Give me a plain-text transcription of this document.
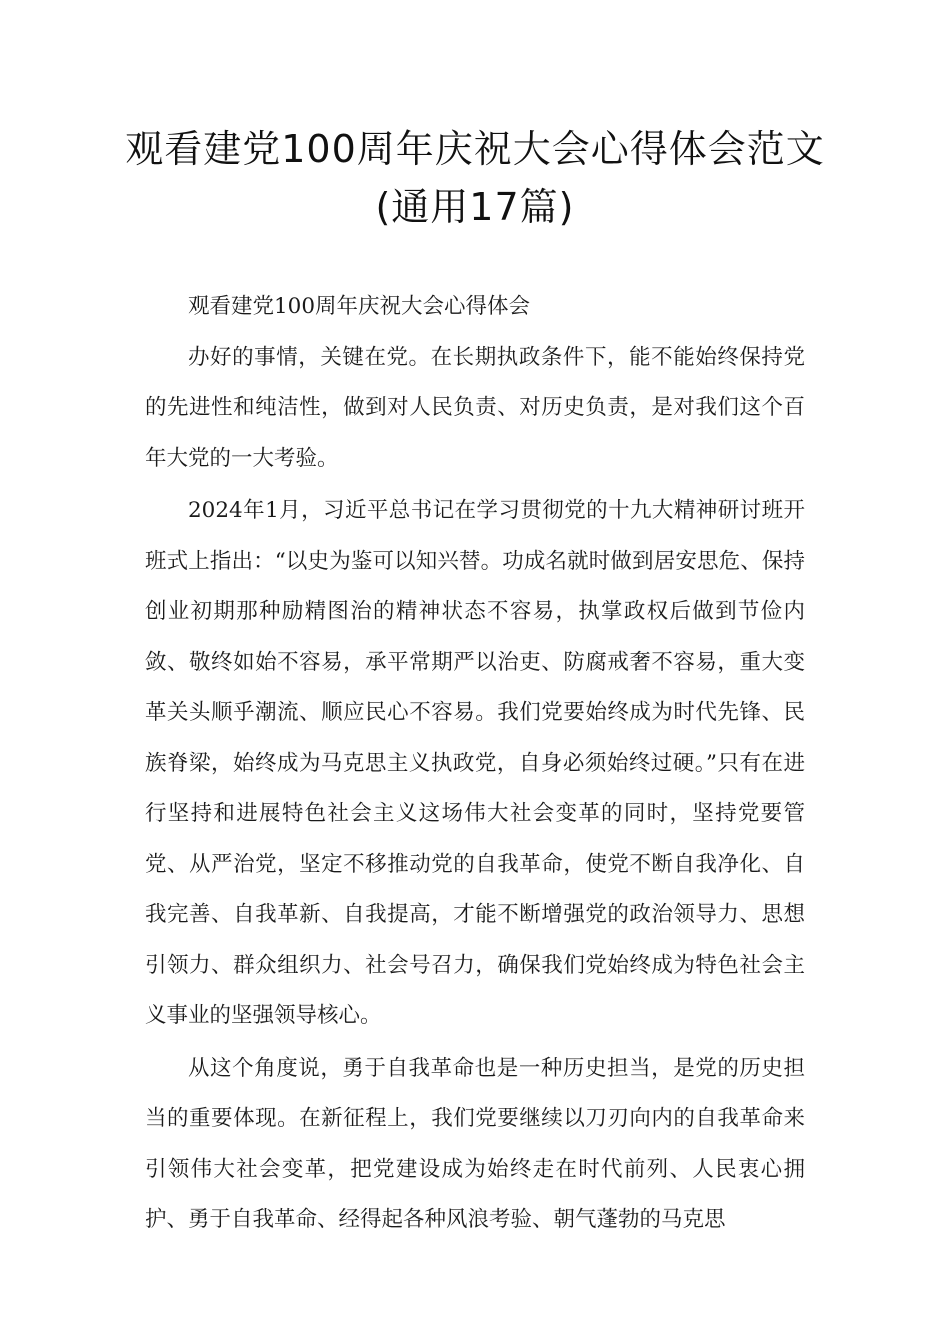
观看建党100周年庆祝大会心得体会范文(通用17篇)

观看建党100周年庆祝大会心得体会

办好的事情，关键在党。在长期执政条件下，能不能始终保持党的先进性和纯洁性，做到对人民负责、对历史负责，是对我们这个百年大党的一大考验。

2024年1月，习近平总书记在学习贯彻党的十九大精神研讨班开班式上指出：“以史为鉴可以知兴替。功成名就时做到居安思危、保持创业初期那种励精图治的精神状态不容易，执掌政权后做到节俭内敛、敬终如始不容易，承平常期严以治吏、防腐戒奢不容易，重大变革关头顺乎潮流、顺应民心不容易。我们党要始终成为时代先锋、民族脊梁，始终成为马克思主义执政党，自身必须始终过硬。”只有在进行坚持和进展特色社会主义这场伟大社会变革的同时，坚持党要管党、从严治党，坚定不移推动党的自我革命，使党不断自我净化、自我完善、自我革新、自我提高，才能不断增强党的政治领导力、思想引领力、群众组织力、社会号召力，确保我们党始终成为特色社会主义事业的坚强领导核心。

从这个角度说，勇于自我革命也是一种历史担当，是党的历史担当的重要体现。在新征程上，我们党要继续以刀刃向内的自我革命来引领伟大社会变革，把党建设成为始终走在时代前列、人民衷心拥护、勇于自我革命、经得起各种风浪考验、朝气蓬勃的马克思
